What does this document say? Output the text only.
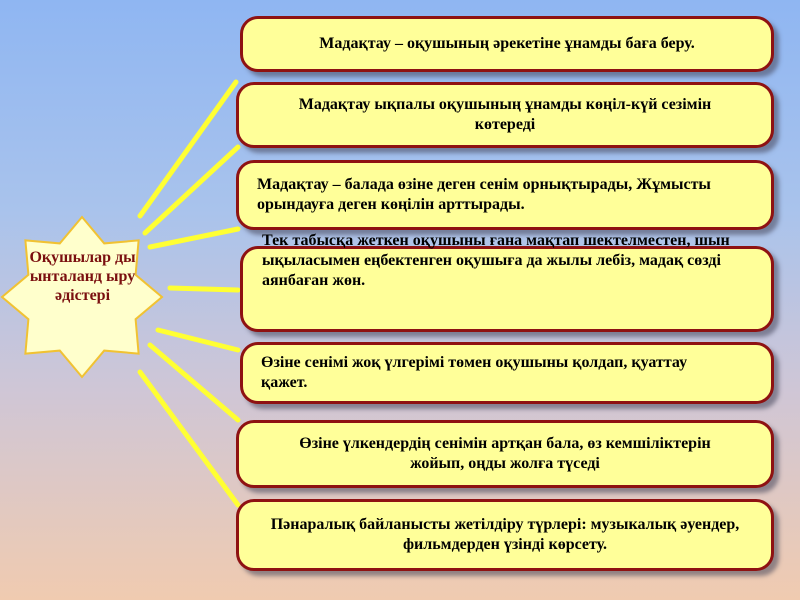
Оқушылар ды ынталанд ыру әдістері
Мадақтау – оқушының әрекетіне ұнамды баға беру.
Мадақтау ықпалы оқушының ұнамды көңіл-күй сезімін көтереді
Мадақтау – балада өзіне деген сенім орнықтырады, Жұмысты орындауға деген көңілін арттырады.
Тек табысқа жеткен оқушыны ғана мақтап шектелместен, шын ықыласымен еңбектенген оқушыға да жылы лебіз, мадақ сөзді аянбаған жөн.
Өзіне сенімі жоқ үлгерімі төмен оқушыны қолдап, қуаттау қажет.
Өзіне үлкендердің сенімін артқан бала, өз кемшіліктерін жойып, оңды жолға түседі
Пәнаралық байланысты жетілдіру түрлері: музыкалық әуендер, фильмдерден үзінді көрсету.
